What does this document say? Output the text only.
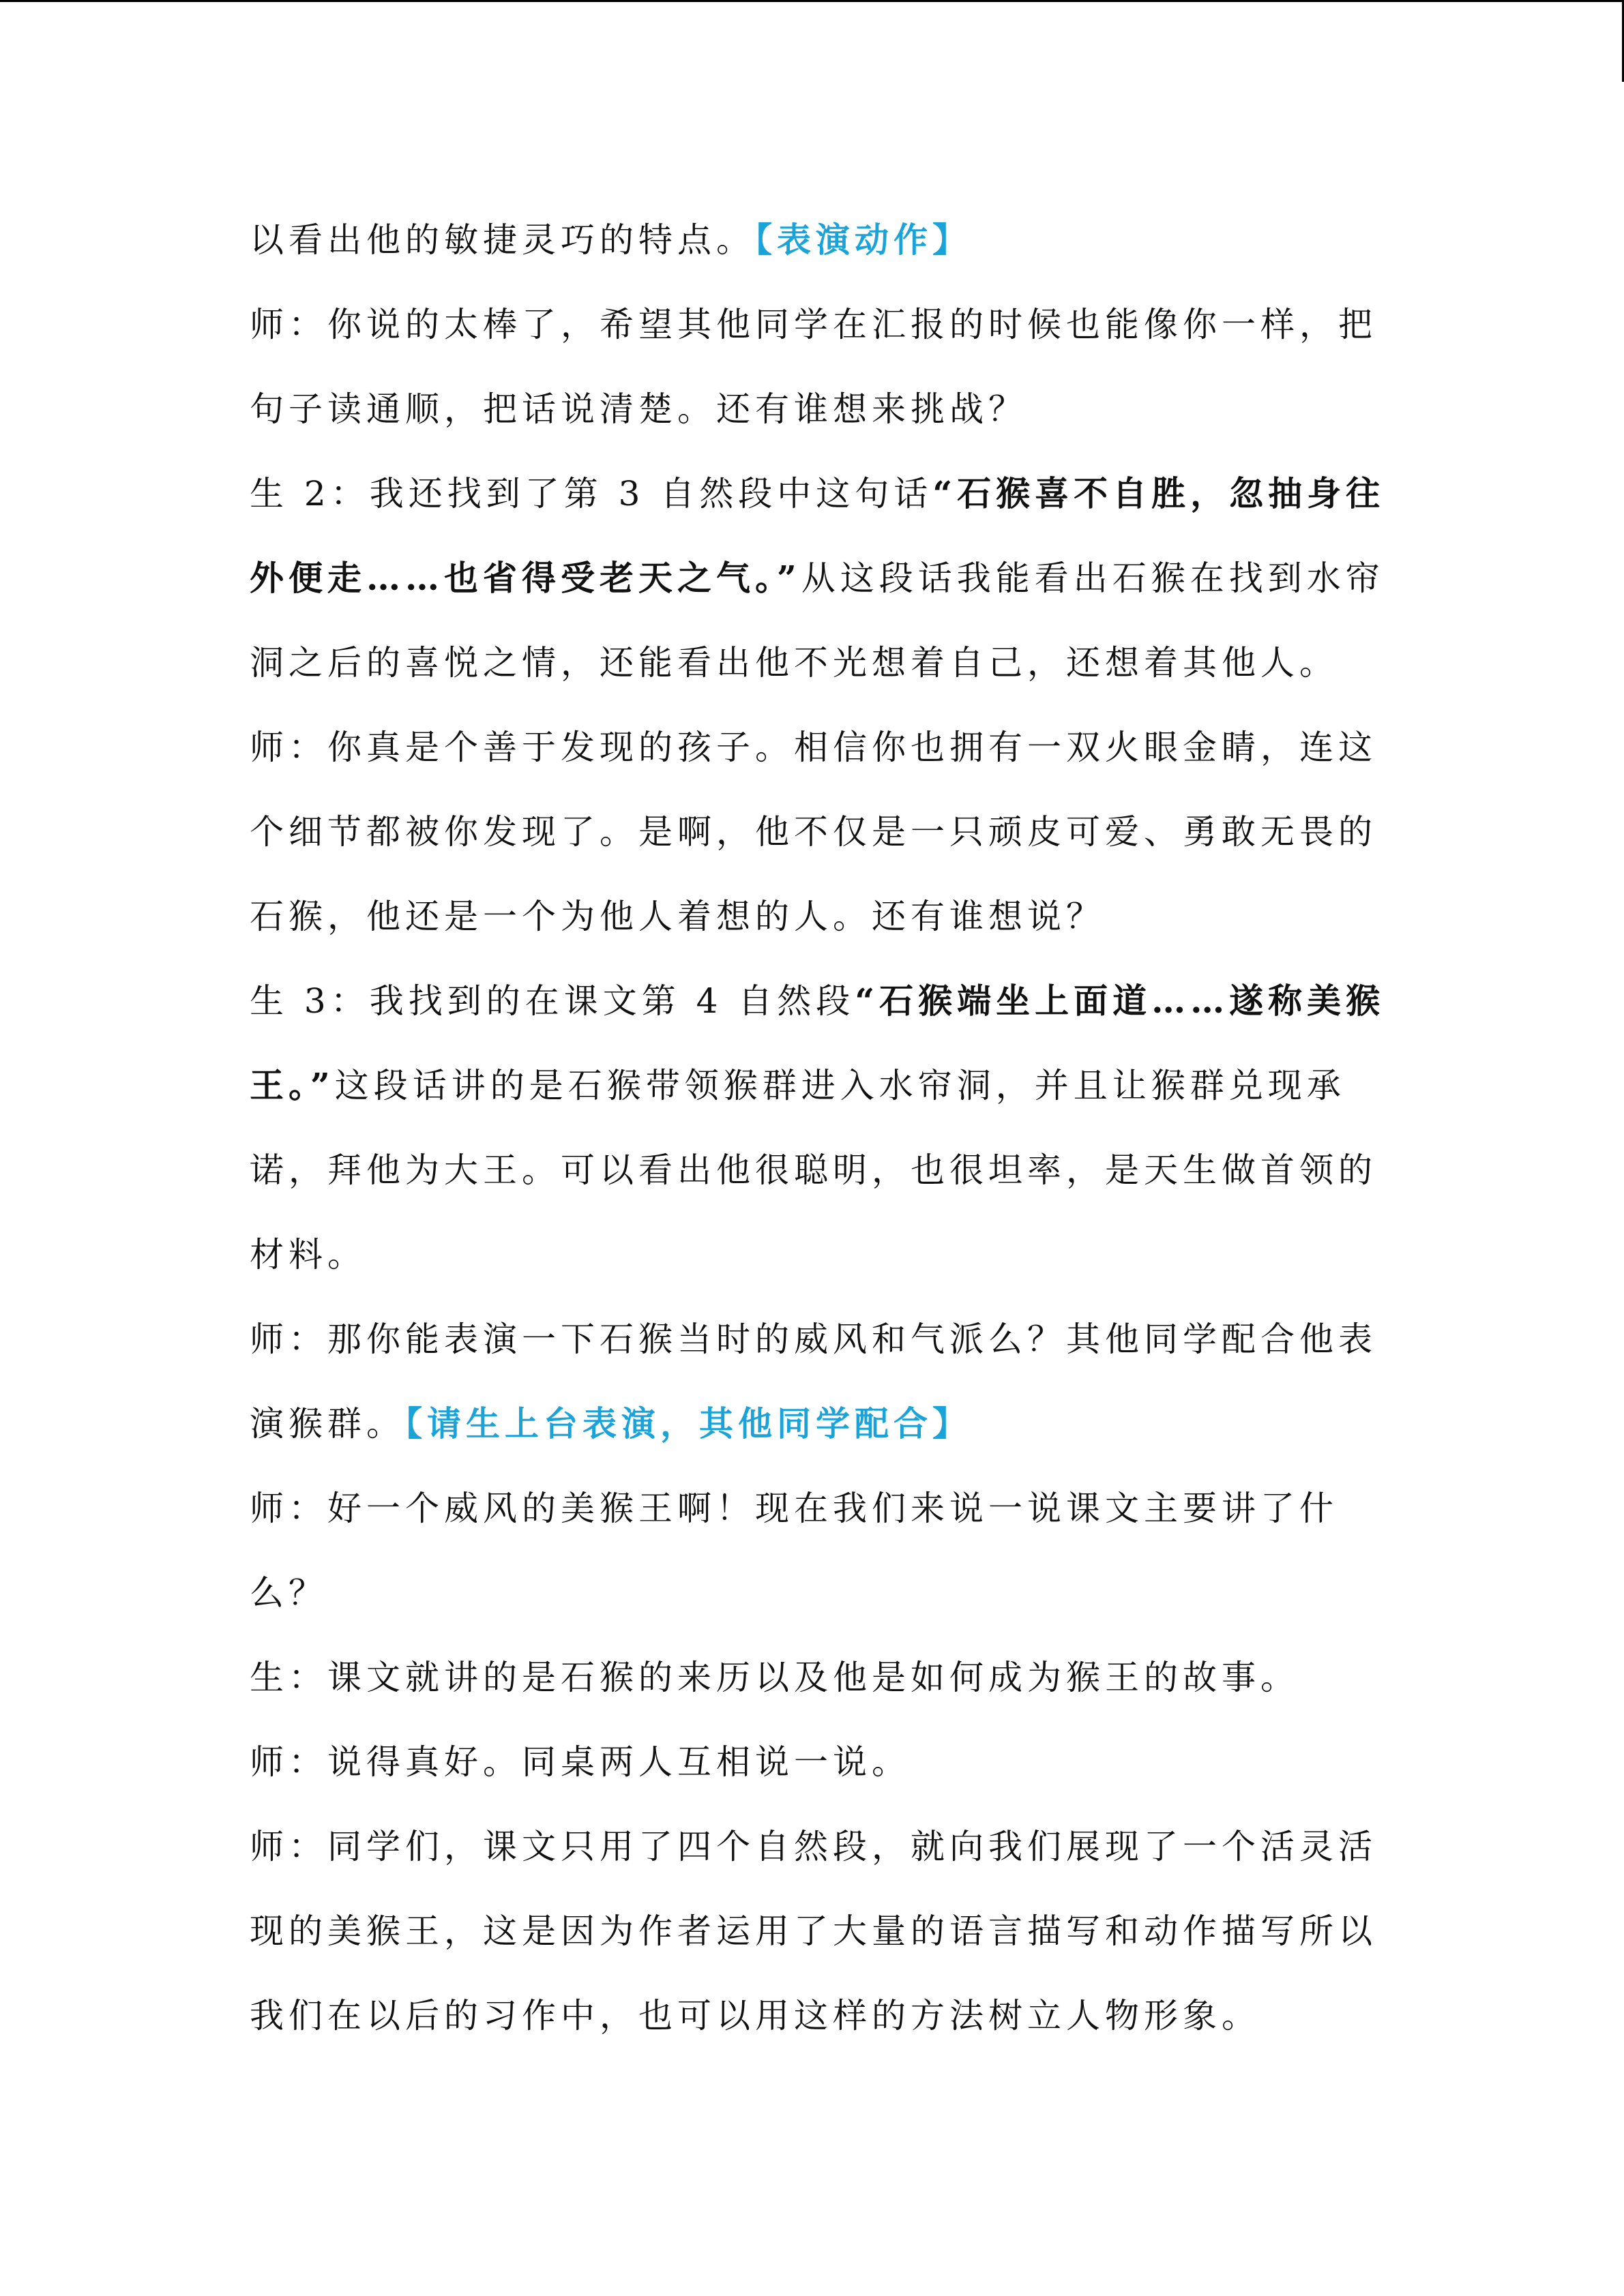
以看出他的敏捷灵巧的特点。【表演动作】
师：你说的太棒了，希望其他同学在汇报的时候也能像你一样，把
句子读通顺，把话说清楚。还有谁想来挑战？
生 2：我还找到了第 3 自然段中这句话“石猴喜不自胜，忽抽身往
外便走……也省得受老天之气。”从这段话我能看出石猴在找到水帘
洞之后的喜悦之情，还能看出他不光想着自己，还想着其他人。
师：你真是个善于发现的孩子。相信你也拥有一双火眼金睛，连这
个细节都被你发现了。是啊，他不仅是一只顽皮可爱、勇敢无畏的
石猴，他还是一个为他人着想的人。还有谁想说？
生 3：我找到的在课文第 4 自然段“石猴端坐上面道……遂称美猴
王。”这段话讲的是石猴带领猴群进入水帘洞，并且让猴群兑现承
诺，拜他为大王。可以看出他很聪明，也很坦率，是天生做首领的
材料。
师：那你能表演一下石猴当时的威风和气派么？其他同学配合他表
演猴群。【请生上台表演，其他同学配合】
师：好一个威风的美猴王啊！现在我们来说一说课文主要讲了什
么？
生：课文就讲的是石猴的来历以及他是如何成为猴王的故事。
师：说得真好。同桌两人互相说一说。
师：同学们，课文只用了四个自然段，就向我们展现了一个活灵活
现的美猴王，这是因为作者运用了大量的语言描写和动作描写所以
我们在以后的习作中，也可以用这样的方法树立人物形象。
